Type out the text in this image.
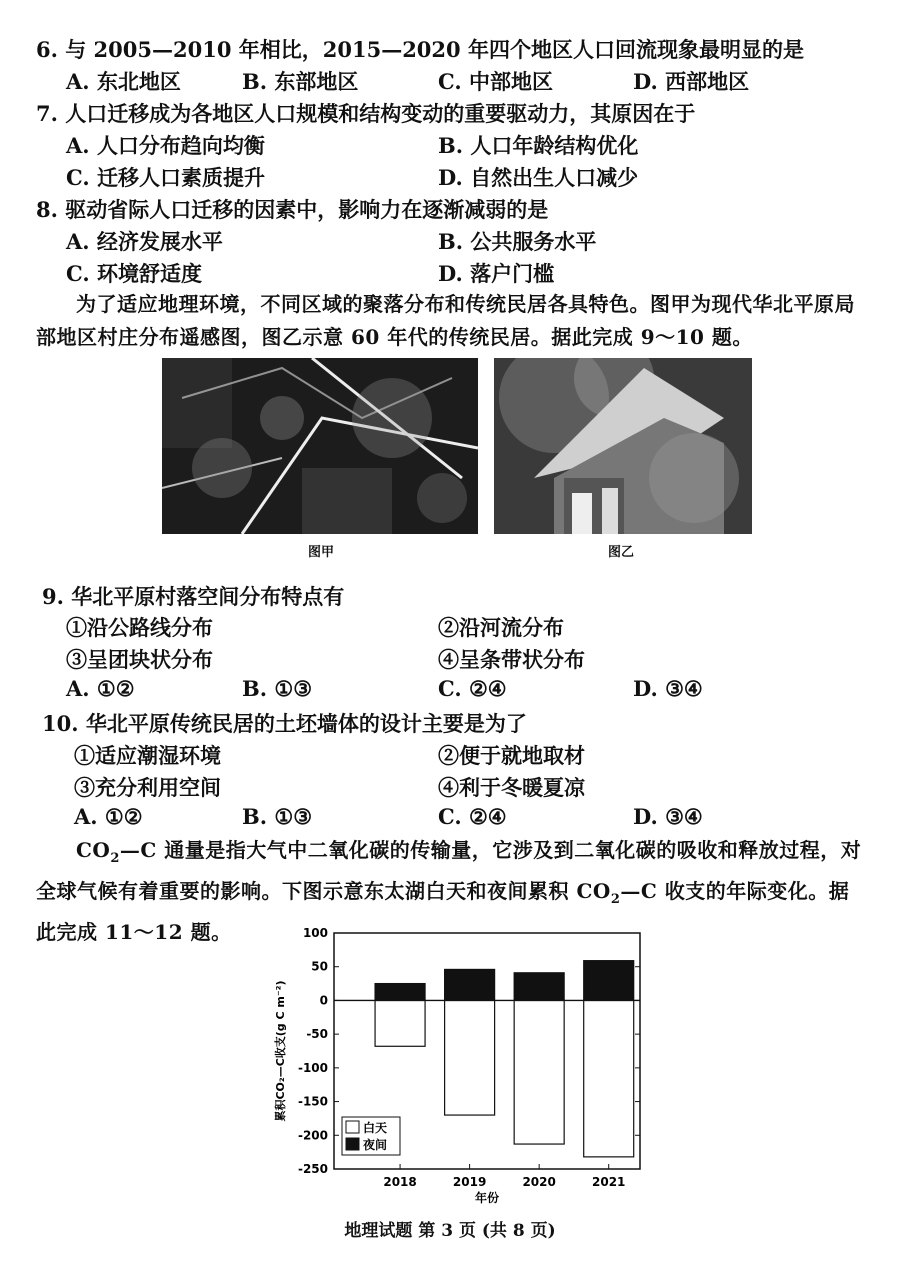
6. 与 2005—2010 年相比，2015—2020 年四个地区人口回流现象最明显的是
A. 东北地区	B. 东部地区	C. 中部地区	D. 西部地区
7. 人口迁移成为各地区人口规模和结构变动的重要驱动力，其原因在于
A. 人口分布趋向均衡	B. 人口年龄结构优化
C. 迁移人口素质提升	D. 自然出生人口减少
8. 驱动省际人口迁移的因素中，影响力在逐渐减弱的是
A. 经济发展水平	B. 公共服务水平
C. 环境舒适度	D. 落户门槛
为了适应地理环境，不同区域的聚落分布和传统民居各具特色。图甲为现代华北平原局部地区村庄分布遥感图，图乙示意 60 年代的传统民居。据此完成 9～10 题。
图甲	图乙
9. 华北平原村落空间分布特点有
①沿公路线分布	②沿河流分布
③呈团块状分布	④呈条带状分布
A. ①②	B. ①③	C. ②④	D. ③④
10. 华北平原传统民居的土坯墙体的设计主要是为了
①适应潮湿环境	②便于就地取材
③充分利用空间	④利于冬暖夏凉
A. ①②	B. ①③	C. ②④	D. ③④
$CO_2—C$ 通量是指大气中二氧化碳的传输量，它涉及到二氧化碳的吸收和释放过程，对全球气候有着重要的影响。下图示意东太湖白天和夜间累积 $CO_2—C$ 收支的年际变化。据此完成 11～12 题。	100
50
0
-50
-100
-150
-200
-250
2018	2019	2020	2021
年份
累积CO₂—C收支(g C m⁻²)
白天
夜间
地理试题 第 3 页 (共 8 页)
